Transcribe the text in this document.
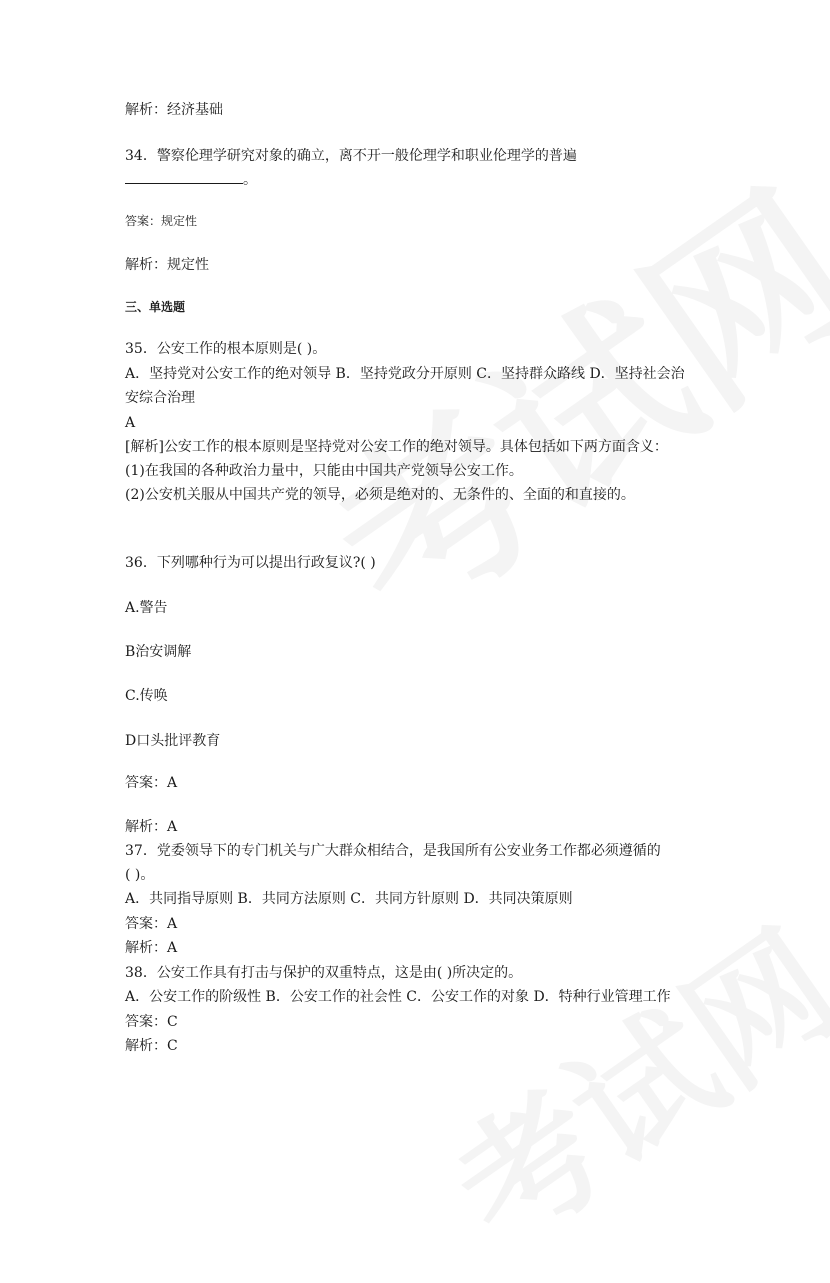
解析：经济基础
34．警察伦理学研究对象的确立，离不开一般伦理学和职业伦理学的普遍
。
答案：规定性
解析：规定性
三、单选题
35．公安工作的根本原则是( )。
A．坚持党对公安工作的绝对领导 B．坚持党政分开原则 C．坚持群众路线 D．坚持社会治
安综合治理
A
[解析]公安工作的根本原则是坚持党对公安工作的绝对领导。具体包括如下两方面含义：
(1)在我国的各种政治力量中，只能由中国共产党领导公安工作。
(2)公安机关服从中国共产党的领导，必须是绝对的、无条件的、全面的和直接的。
36．下列哪种行为可以提出行政复议?( )
A.警告
B治安调解
C.传唤
D口头批评教育
答案：A
解析：A
37．党委领导下的专门机关与广大群众相结合，是我国所有公安业务工作都必须遵循的
( )。
A．共同指导原则 B．共同方法原则 C．共同方针原则 D．共同决策原则
答案：A
解析：A
38．公安工作具有打击与保护的双重特点，这是由( )所决定的。
A．公安工作的阶级性 B．公安工作的社会性 C．公安工作的对象 D．特种行业管理工作
答案：C
解析：C
